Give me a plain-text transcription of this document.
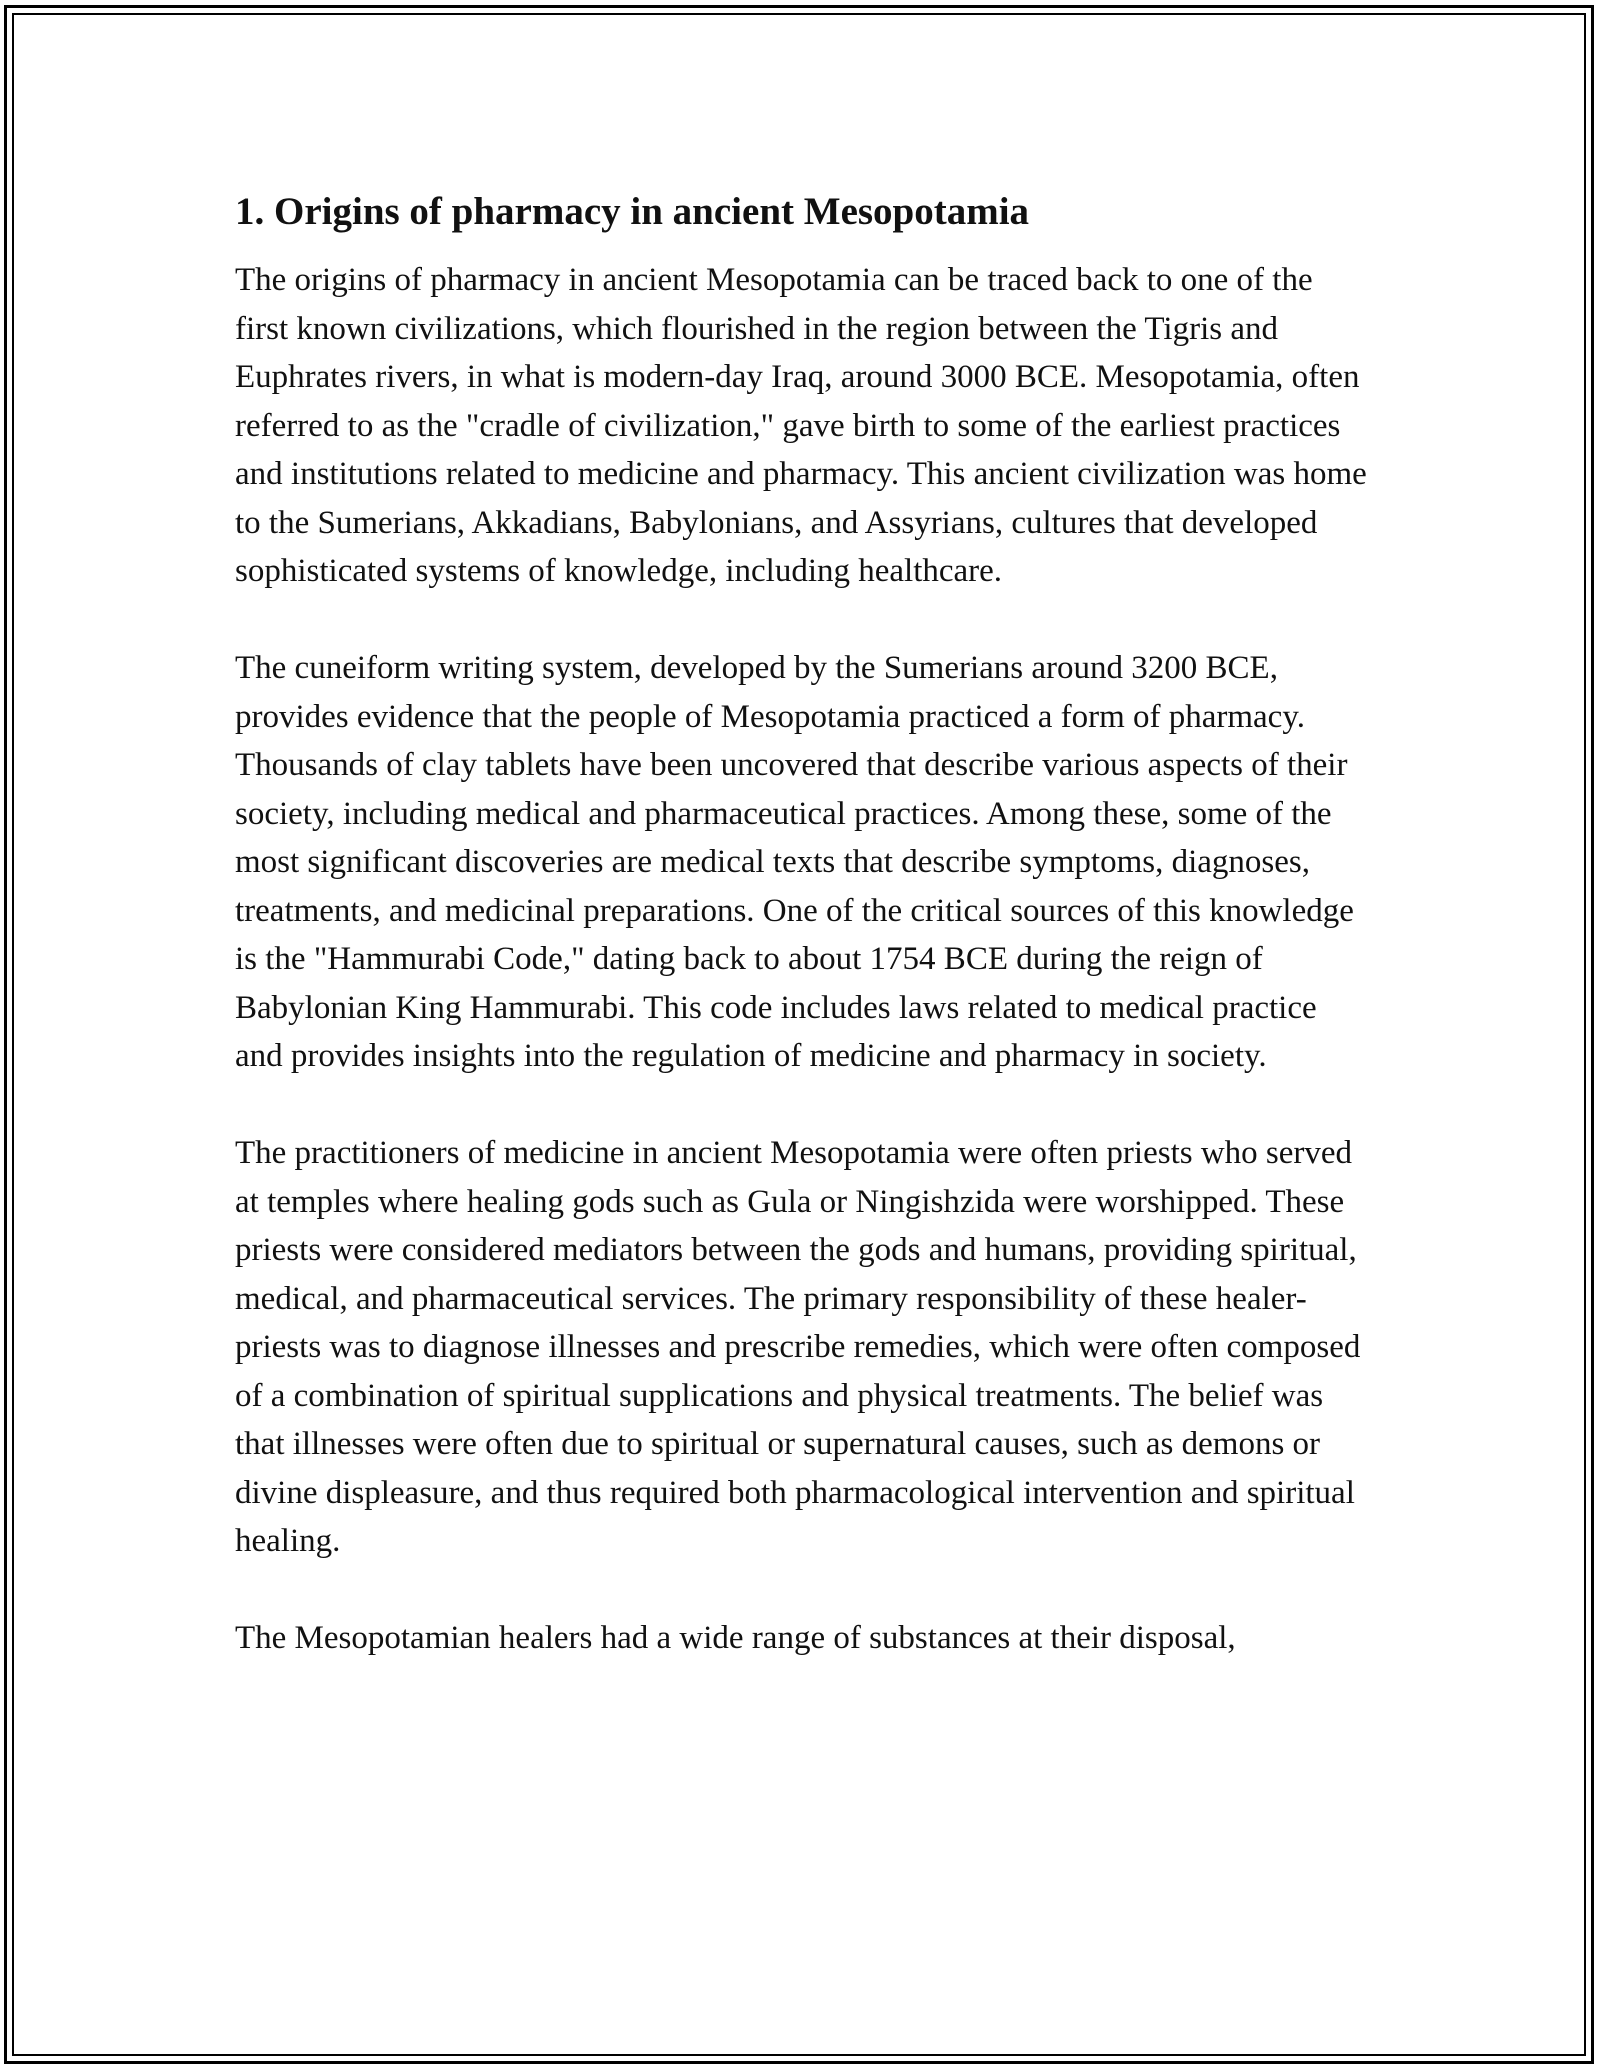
1. Origins of pharmacy in ancient Mesopotamia

The origins of pharmacy in ancient Mesopotamia can be traced back to one of the first known civilizations, which flourished in the region between the Tigris and Euphrates rivers, in what is modern-day Iraq, around 3000 BCE. Mesopotamia, often referred to as the "cradle of civilization," gave birth to some of the earliest practices and institutions related to medicine and pharmacy. This ancient civilization was home to the Sumerians, Akkadians, Babylonians, and Assyrians, cultures that developed sophisticated systems of knowledge, including healthcare.

The cuneiform writing system, developed by the Sumerians around 3200 BCE, provides evidence that the people of Mesopotamia practiced a form of pharmacy. Thousands of clay tablets have been uncovered that describe various aspects of their society, including medical and pharmaceutical practices. Among these, some of the most significant discoveries are medical texts that describe symptoms, diagnoses, treatments, and medicinal preparations. One of the critical sources of this knowledge is the "Hammurabi Code," dating back to about 1754 BCE during the reign of Babylonian King Hammurabi. This code includes laws related to medical practice and provides insights into the regulation of medicine and pharmacy in society.

The practitioners of medicine in ancient Mesopotamia were often priests who served at temples where healing gods such as Gula or Ningishzida were worshipped. These priests were considered mediators between the gods and humans, providing spiritual, medical, and pharmaceutical services. The primary responsibility of these healer-priests was to diagnose illnesses and prescribe remedies, which were often composed of a combination of spiritual supplications and physical treatments. The belief was that illnesses were often due to spiritual or supernatural causes, such as demons or divine displeasure, and thus required both pharmacological intervention and spiritual healing.

The Mesopotamian healers had a wide range of substances at their disposal,
